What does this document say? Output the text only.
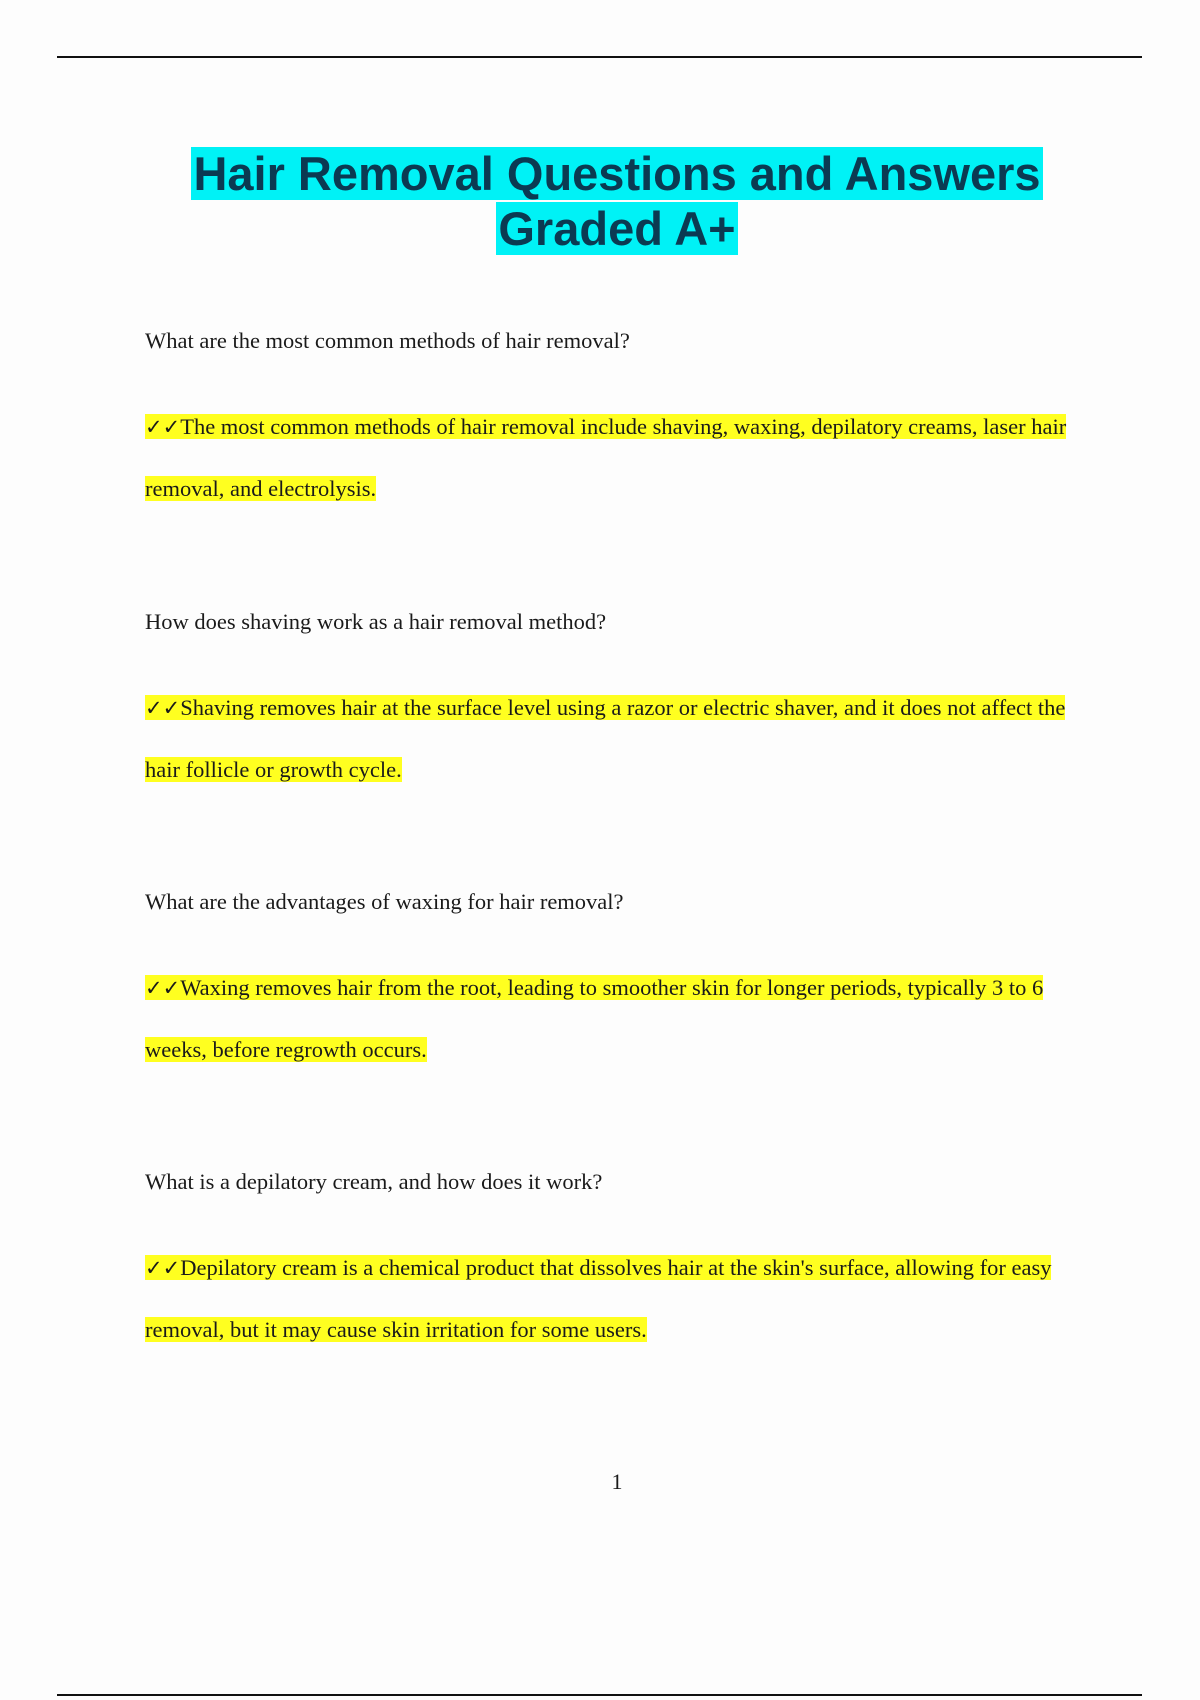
Hair Removal Questions and Answers
Graded A+

What are the most common methods of hair removal?

✓✓The most common methods of hair removal include shaving, waxing, depilatory creams, laser hair removal, and electrolysis.

How does shaving work as a hair removal method?

✓✓Shaving removes hair at the surface level using a razor or electric shaver, and it does not affect the hair follicle or growth cycle.

What are the advantages of waxing for hair removal?

✓✓Waxing removes hair from the root, leading to smoother skin for longer periods, typically 3 to 6 weeks, before regrowth occurs.

What is a depilatory cream, and how does it work?

✓✓Depilatory cream is a chemical product that dissolves hair at the skin's surface, allowing for easy removal, but it may cause skin irritation for some users.

1
